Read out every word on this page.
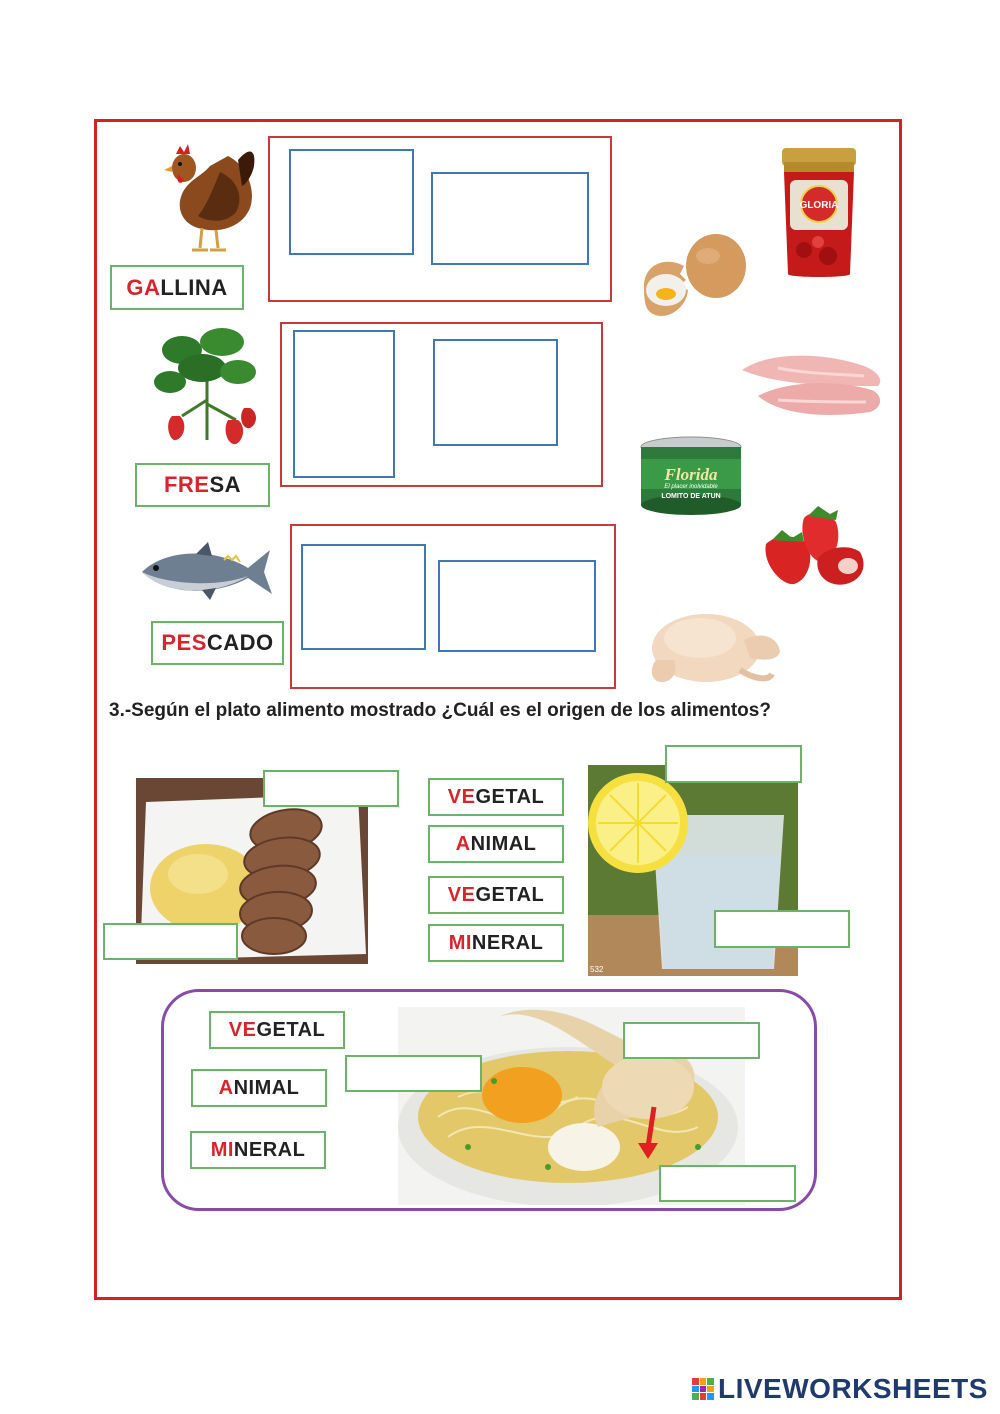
GA LLINA
FRE SA
PES CADO
GLORIA
Florida
El placer inolvidable
LOMITO DE ATUN
3.-Según el plato alimento mostrado ¿Cuál es el origen de los alimentos?
VE GETAL
A NIMAL
VE GETAL
MI NERAL
532
VE GETAL
A NIMAL
MI NERAL
LIVEWORKSHEETS
